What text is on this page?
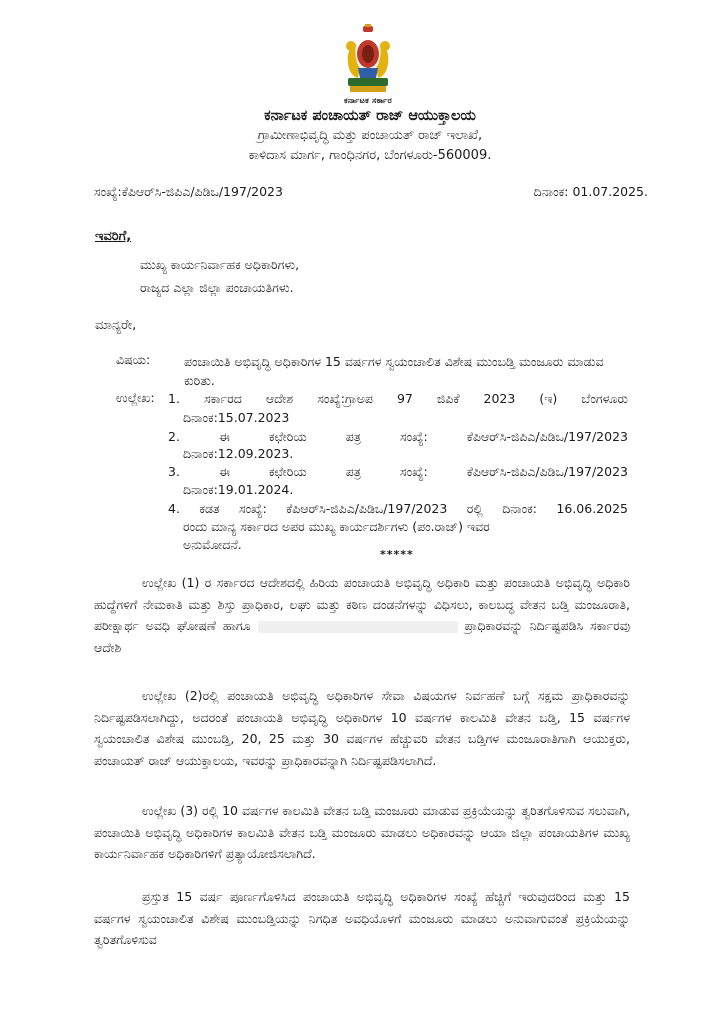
ಕರ್ನಾಟಕ ಸರ್ಕಾರ
ಕರ್ನಾಟಕ ಪಂಚಾಯತ್ ರಾಜ್ ಆಯುಕ್ತಾಲಯ
ಗ್ರಾಮೀಣಾಭಿವೃದ್ಧಿ ಮತ್ತು ಪಂಚಾಯತ್ ರಾಜ್ ಇಲಾಖೆ,
ಕಾಳಿದಾಸ ಮಾರ್ಗ, ಗಾಂಧಿನಗರ, ಬೆಂಗಳೂರು-560009.
ಸಂಖ್ಯೆ:ಕೆಪಿಆರ್‌ಸಿ-ಜಿಪಿಎ/ಪಿಡಿಒ/197/2023	ದಿನಾಂಕ: 01.07.2025.
ಇವರಿಗೆ,
ಮುಖ್ಯ ಕಾರ್ಯನಿರ್ವಾಹಕ ಅಧಿಕಾರಿಗಳು,
ರಾಜ್ಯದ ಎಲ್ಲಾ ಜಿಲ್ಲಾ ಪಂಚಾಯತಿಗಳು.
ಮಾನ್ಯರೇ,
ವಿಷಯ:	ಪಂಚಾಯಿತಿ ಅಭಿವೃದ್ಧಿ ಅಧಿಕಾರಿಗಳ 15 ವರ್ಷಗಳ ಸ್ವಯಂಚಾಲಿತ ವಿಶೇಷ ಮುಂಬಡ್ತಿ ಮಂಜೂರು ಮಾಡುವ ಕುರಿತು.
ಉಲ್ಲೇಖ: 1. ಸರ್ಕಾರದ ಆದೇಶ ಸಂಖ್ಯೆ:ಗ್ರಾಅಪ 97 ಜಿಪಿಕೆ 2023 (ಇ) ಬೆಂಗಳೂರು
ದಿನಾಂಕ:15.07.2023
2. ಈ ಕಛೇರಿಯ ಪತ್ರ ಸಂಖ್ಯೆ: ಕೆಪಿಆರ್‌ಸಿ-ಜಿಪಿಎ/ಪಿಡಿಒ/197/2023
ದಿನಾಂಕ:12.09.2023.
3. ಈ ಕಛೇರಿಯ ಪತ್ರ ಸಂಖ್ಯೆ: ಕೆಪಿಆರ್‌ಸಿ-ಜಿಪಿಎ/ಪಿಡಿಒ/197/2023
ದಿನಾಂಕ:19.01.2024.
4. ಕಡತ ಸಂಖ್ಯೆ: ಕೆಪಿಆರ್‌ಸಿ-ಜಿಪಿಎ/ಪಿಡಿಒ/197/2023 ರಲ್ಲಿ ದಿನಾಂಕ: 16.06.2025
ರಂದು ಮಾನ್ಯ ಸರ್ಕಾರದ ಅಪರ ಮುಖ್ಯ ಕಾರ್ಯದರ್ಶಿಗಳು (ಪಂ.ರಾಜ್) ಇವರ
ಅನುಮೋದನೆ.
*****
ಉಲ್ಲೇಖ (1) ರ ಸರ್ಕಾರದ ಆದೇಶದಲ್ಲಿ ಹಿರಿಯ ಪಂಚಾಯತಿ ಅಭಿವೃದ್ಧಿ ಅಧಿಕಾರಿ ಮತ್ತು ಪಂಚಾಯತಿ ಅಭಿವೃದ್ಧಿ ಅಧಿಕಾರಿ ಹುದ್ದೆಗಳಿಗೆ ನೇಮಕಾತಿ ಮತ್ತು ಶಿಸ್ತು ಪ್ರಾಧಿಕಾರ, ಲಘು ಮತ್ತು ಕಠಿಣ ದಂಡನೆಗಳನ್ನು ವಿಧಿಸಲು, ಕಾಲಬದ್ಧ ವೇತನ ಬಡ್ತಿ ಮಂಜೂರಾತಿ, ಪರೀಕ್ಷಾರ್ಥ ಅವಧಿ ಘೋಷಣೆ ಹಾಗೂ	ಪ್ರಾಧಿಕಾರವನ್ನು ನಿರ್ದಿಷ್ಟಪಡಿಸಿ ಸರ್ಕಾರವು ಆದೇಶಿ
ಉಲ್ಲೇಖ (2)ರಲ್ಲಿ ಪಂಚಾಯತಿ ಅಭಿವೃದ್ಧಿ ಅಧಿಕಾರಿಗಳ ಸೇವಾ ವಿಷಯಗಳ ನಿರ್ವಹಣೆ ಬಗ್ಗೆ ಸಕ್ಷಮ ಪ್ರಾಧಿಕಾರವನ್ನು ನಿರ್ದಿಷ್ಟಪಡಿಸಲಾಗಿದ್ದು, ಅದರಂತೆ ಪಂಚಾಯತಿ ಅಭಿವೃದ್ಧಿ ಅಧಿಕಾರಿಗಳ 10 ವರ್ಷಗಳ ಕಾಲಮಿತಿ ವೇತನ ಬಡ್ತಿ, 15 ವರ್ಷಗಳ ಸ್ವಯಂಚಾಲಿತ ವಿಶೇಷ ಮುಂಬಡ್ತಿ, 20, 25 ಮತ್ತು 30 ವರ್ಷಗಳ ಹೆಚ್ಚುವರಿ ವೇತನ ಬಡ್ತಿಗಳ ಮಂಜೂರಾತಿಗಾಗಿ ಆಯುಕ್ತರು, ಪಂಚಾಯತ್ ರಾಜ್ ಆಯುಕ್ತಾಲಯ, ಇವರನ್ನು ಪ್ರಾಧಿಕಾರವನ್ನಾಗಿ ನಿರ್ದಿಷ್ಟಪಡಿಸಲಾಗಿದೆ.
ಉಲ್ಲೇಖ (3) ರಲ್ಲಿ 10 ವರ್ಷಗಳ ಕಾಲಮಿತಿ ವೇತನ ಬಡ್ತಿ ಮಂಜೂರು ಮಾಡುವ ಪ್ರಕ್ರಿಯೆಯನ್ನು ತ್ವರಿತಗೊಳಿಸುವ ಸಲುವಾಗಿ, ಪಂಚಾಯಿತಿ ಅಭಿವೃದ್ಧಿ ಅಧಿಕಾರಿಗಳ ಕಾಲಮಿತಿ ವೇತನ ಬಡ್ತಿ ಮಂಜೂರು ಮಾಡಲು ಅಧಿಕಾರವನ್ನು ಆಯಾ ಜಿಲ್ಲಾ ಪಂಚಾಯತಿಗಳ ಮುಖ್ಯ ಕಾರ್ಯನಿರ್ವಾಹಕ ಅಧಿಕಾರಿಗಳಿಗೆ ಪ್ರತ್ಯಾಯೋಜಿಸಲಾಗಿದೆ.
ಪ್ರಸ್ತುತ 15 ವರ್ಷ ಪೂರ್ಣಗೊಳಿಸಿದ ಪಂಚಾಯತಿ ಅಭಿವೃದ್ಧಿ ಅಧಿಕಾರಿಗಳ ಸಂಖ್ಯೆ ಹೆಚ್ಚಿಗೆ ಇರುವುದರಿಂದ ಮತ್ತು 15 ವರ್ಷಗಳ ಸ್ವಯಂಚಾಲಿತ ವಿಶೇಷ ಮುಂಬಡ್ತಿಯನ್ನು ನಿಗಧಿತ ಅವಧಿಯೊಳಗೆ ಮಂಜೂರು ಮಾಡಲು ಅನುವಾಗುವಂತೆ ಪ್ರಕ್ರಿಯೆಯನ್ನು ತ್ವರಿತಗೊಳಿಸುವ
